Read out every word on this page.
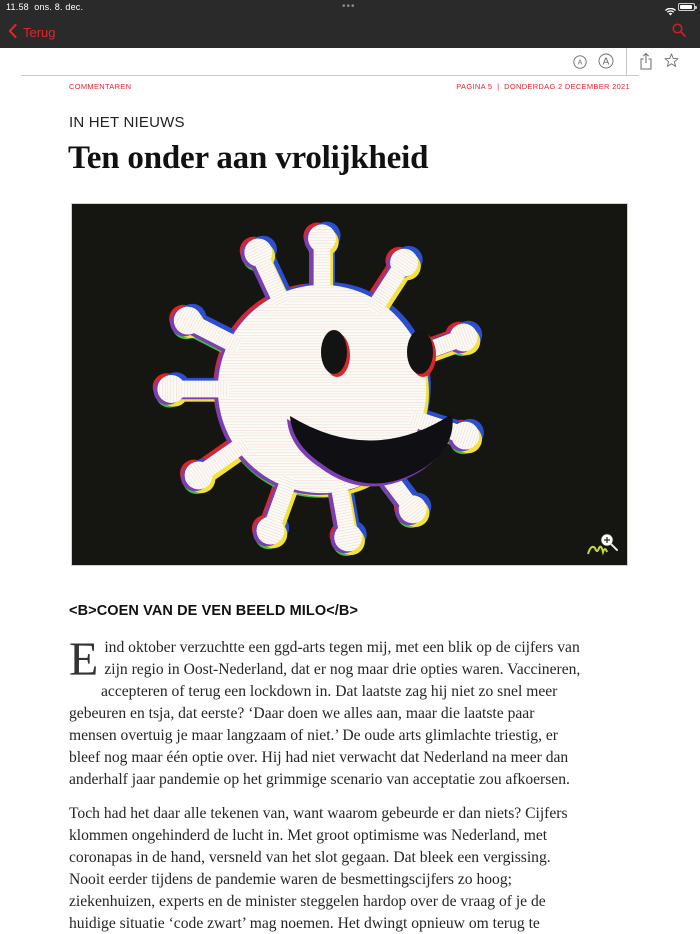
11.58 ons. 8. dec.	•••
Terug
A A
COMMENTAREN	PAGINA 5 | DONDERDAG 2 DECEMBER 2021
IN HET NIEUWS
Ten onder aan vrolijkheid
<B>COEN VAN DE VEN BEELD MILO</B>
E ind oktober verzuchtte een ggd-arts tegen mij, met een blik op de cijfers van
zijn regio in Oost-Nederland, dat er nog maar drie opties waren. Vaccineren,
accepteren of terug een lockdown in. Dat laatste zag hij niet zo snel meer
gebeuren en tsja, dat eerste? ‘Daar doen we alles aan, maar die laatste paar
mensen overtuig je maar langzaam of niet.’ De oude arts glimlachte triestig, er
bleef nog maar één optie over. Hij had niet verwacht dat Nederland na meer dan
anderhalf jaar pandemie op het grimmige scenario van acceptatie zou afkoersen.
Toch had het daar alle tekenen van, want waarom gebeurde er dan niets? Cijfers
klommen ongehinderd de lucht in. Met groot optimisme was Nederland, met
coronapas in de hand, versneld van het slot gegaan. Dat bleek een vergissing.
Nooit eerder tijdens de pandemie waren de besmettingscijfers zo hoog;
ziekenhuizen, experts en de minister steggelen hardop over de vraag of je de
huidige situatie ‘code zwart’ mag noemen. Het dwingt opnieuw om terug te
